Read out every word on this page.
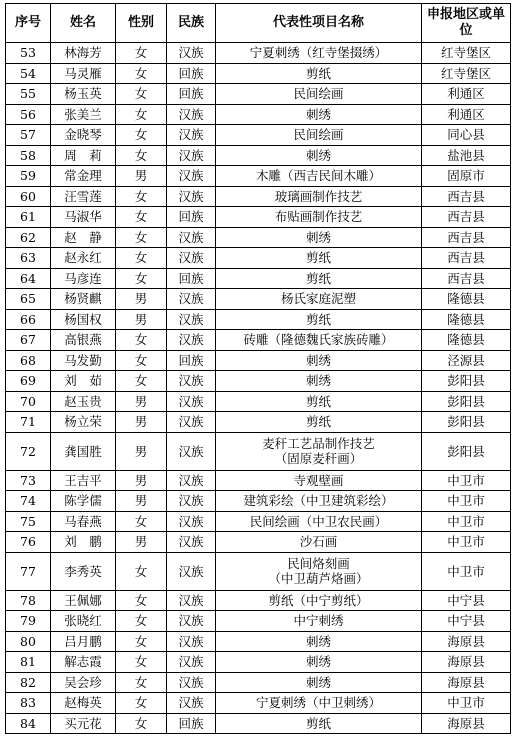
序号	姓名	性别	民族	代表性项目名称	申报地区或单位
53	林海芳	女	汉族	宁夏刺绣（红寺堡掇绣）	红寺堡区
54	马灵雁	女	回族	剪纸	红寺堡区
55	杨玉英	女	回族	民间绘画	利通区
56	张美兰	女	汉族	刺绣	利通区
57	金晓琴	女	汉族	民间绘画	同心县
58	周　莉	女	汉族	刺绣	盐池县
59	常金理	男	汉族	木雕（西吉民间木雕）	固原市
60	汪雪莲	女	汉族	玻璃画制作技艺	西吉县
61	马淑华	女	回族	布贴画制作技艺	西吉县
62	赵　静	女	汉族	刺绣	西吉县
63	赵永红	女	汉族	剪纸	西吉县
64	马彦连	女	回族	剪纸	西吉县
65	杨贤麒	男	汉族	杨氏家庭泥塑	隆德县
66	杨国权	男	汉族	剪纸	隆德县
67	高银燕	女	汉族	砖雕（隆德魏氏家族砖雕）	隆德县
68	马发勤	女	回族	刺绣	泾源县
69	刘　茹	女	汉族	刺绣	彭阳县
70	赵玉贵	男	汉族	剪纸	彭阳县
71	杨立荣	男	汉族	剪纸	彭阳县
72	龚国胜	男	汉族	麦秆工艺品制作技艺
（固原麦秆画）	彭阳县
73	王吉平	男	汉族	寺观壁画	中卫市
74	陈学儒	男	汉族	建筑彩绘（中卫建筑彩绘）	中卫市
75	马春燕	女	汉族	民间绘画（中卫农民画）	中卫市
76	刘　鹏	男	汉族	沙石画	中卫市
77	李秀英	女	汉族	民间烙刻画
（中卫葫芦烙画）	中卫市
78	王佩娜	女	汉族	剪纸（中宁剪纸）	中宁县
79	张晓红	女	汉族	中宁刺绣	中宁县
80	吕月鹏	女	汉族	刺绣	海原县
81	解志霞	女	汉族	刺绣	海原县
82	吴会珍	女	汉族	刺绣	海原县
83	赵梅英	女	汉族	宁夏刺绣（中卫刺绣）	中卫市
84	买元花	女	回族	剪纸	海原县
